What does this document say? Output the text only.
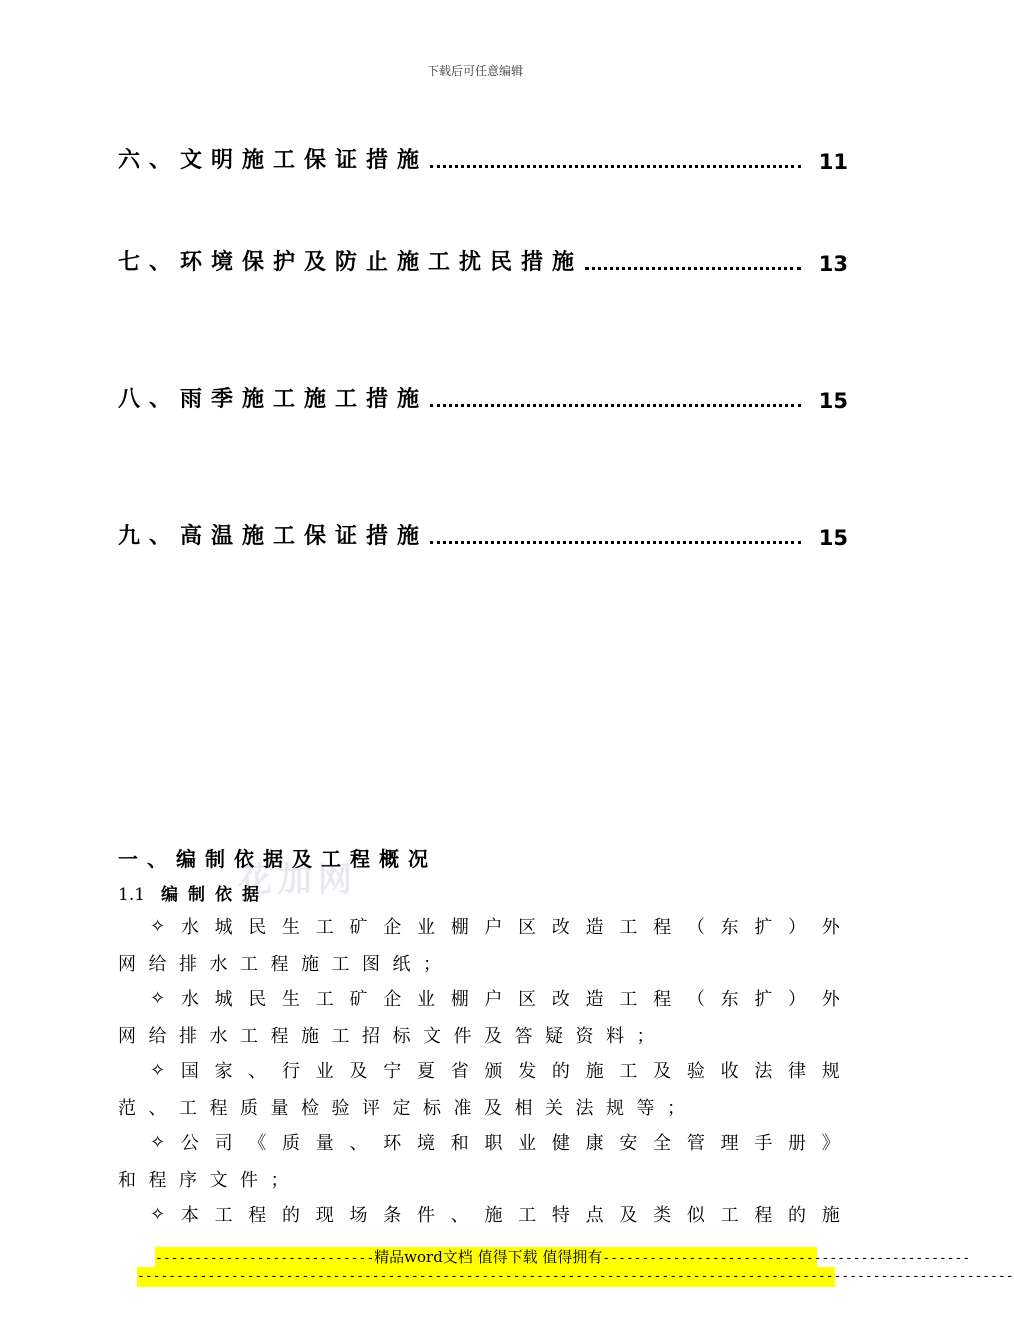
下载后可任意编辑
六、文明施工保证措施	11
七、环境保护及防止施工扰民措施	13
八、雨季施工施工措施	15
九、高温施工保证措施	15
花加网
一、编制依据及工程概况
1.1 编制依据
✧ 水 城 民 生 工 矿 企 业 棚 户 区 改 造 工 程 （ 东 扩 ） 外
网 给 排 水 工 程 施 工 图 纸 ；
✧ 水 城 民 生 工 矿 企 业 棚 户 区 改 造 工 程 （ 东 扩 ） 外
网 给 排 水 工 程 施 工 招 标 文 件 及 答 疑 资 料 ；
✧ 国 家 、 行 业 及 宁 夏 省 颁 发 的 施 工 及 验 收 法 律 规
范 、 工 程 质 量 检 验 评 定 标 准 及 相 关 法 规 等 ；
✧ 公 司 《 质 量 、 环 境 和 职 业 健 康 安 全 管 理 手 册 》
和 程 序 文 件 ；
✧ 本 工 程 的 现 场 条 件 、 施 工 特 点 及 类 似 工 程 的 施
----------------------------精品word文档 值得下载 值得拥有-----------------------------------------------
----------------------------------------------------------------------------------------------------------------
